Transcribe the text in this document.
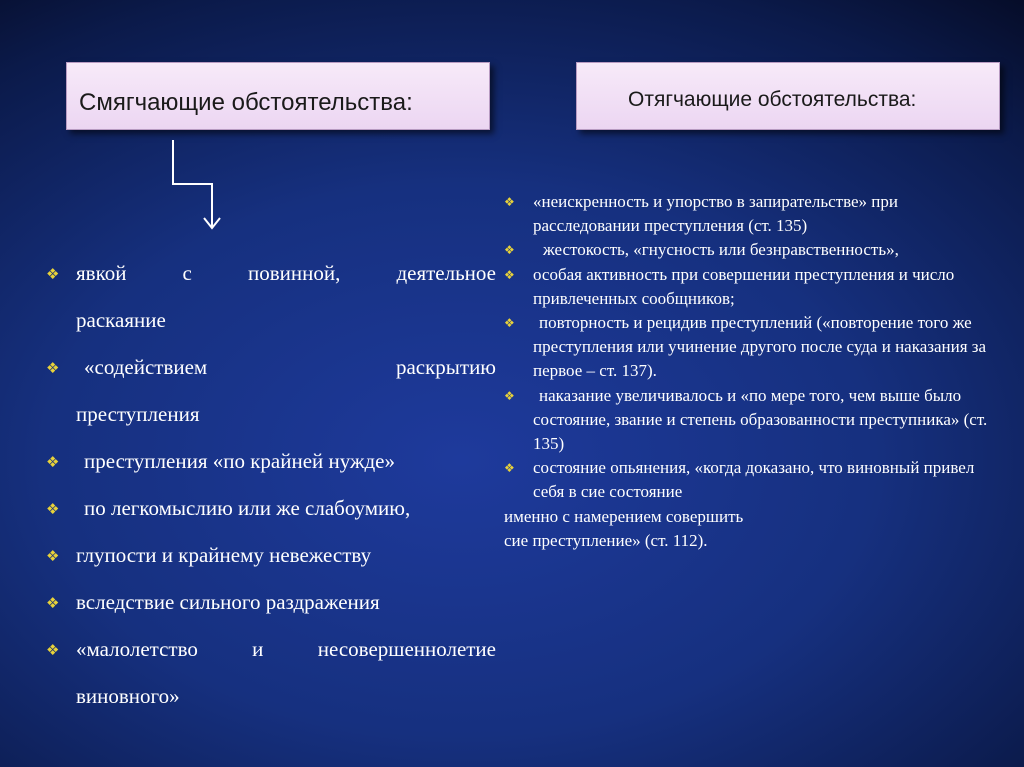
Смягчающие обстоятельства:	Отягчающие обстоятельства:
❖ явкой с повинной, деятельное
раскаяние
❖	«содействием раскрытию
преступления
❖ преступления «по крайней нужде»
❖ по легкомыслию или же слабоумию,
❖ глупости и крайнему невежеству
❖ вследствие сильного раздражения
❖ «малолетство и несовершеннолетие
виновного»
❖ «неискренность и упорство в запирательстве» при расследовании преступления (ст. 135)
❖ жестокость, «гнусность или безнравственность»,
❖ особая активность при совершении преступления и число привлеченных сообщников;
❖ повторность и рецидив преступлений («повторение того же преступления или учинение другого после суда и наказания за первое – ст. 137).
❖ наказание увеличивалось и «по мере того, чем выше было состояние, звание и степень образованности преступника» (ст. 135)
❖ состояние опьянения, «когда доказано, что виновный привел себя в сие состояние
именно с намерением совершить
сие преступление» (ст. 112).
